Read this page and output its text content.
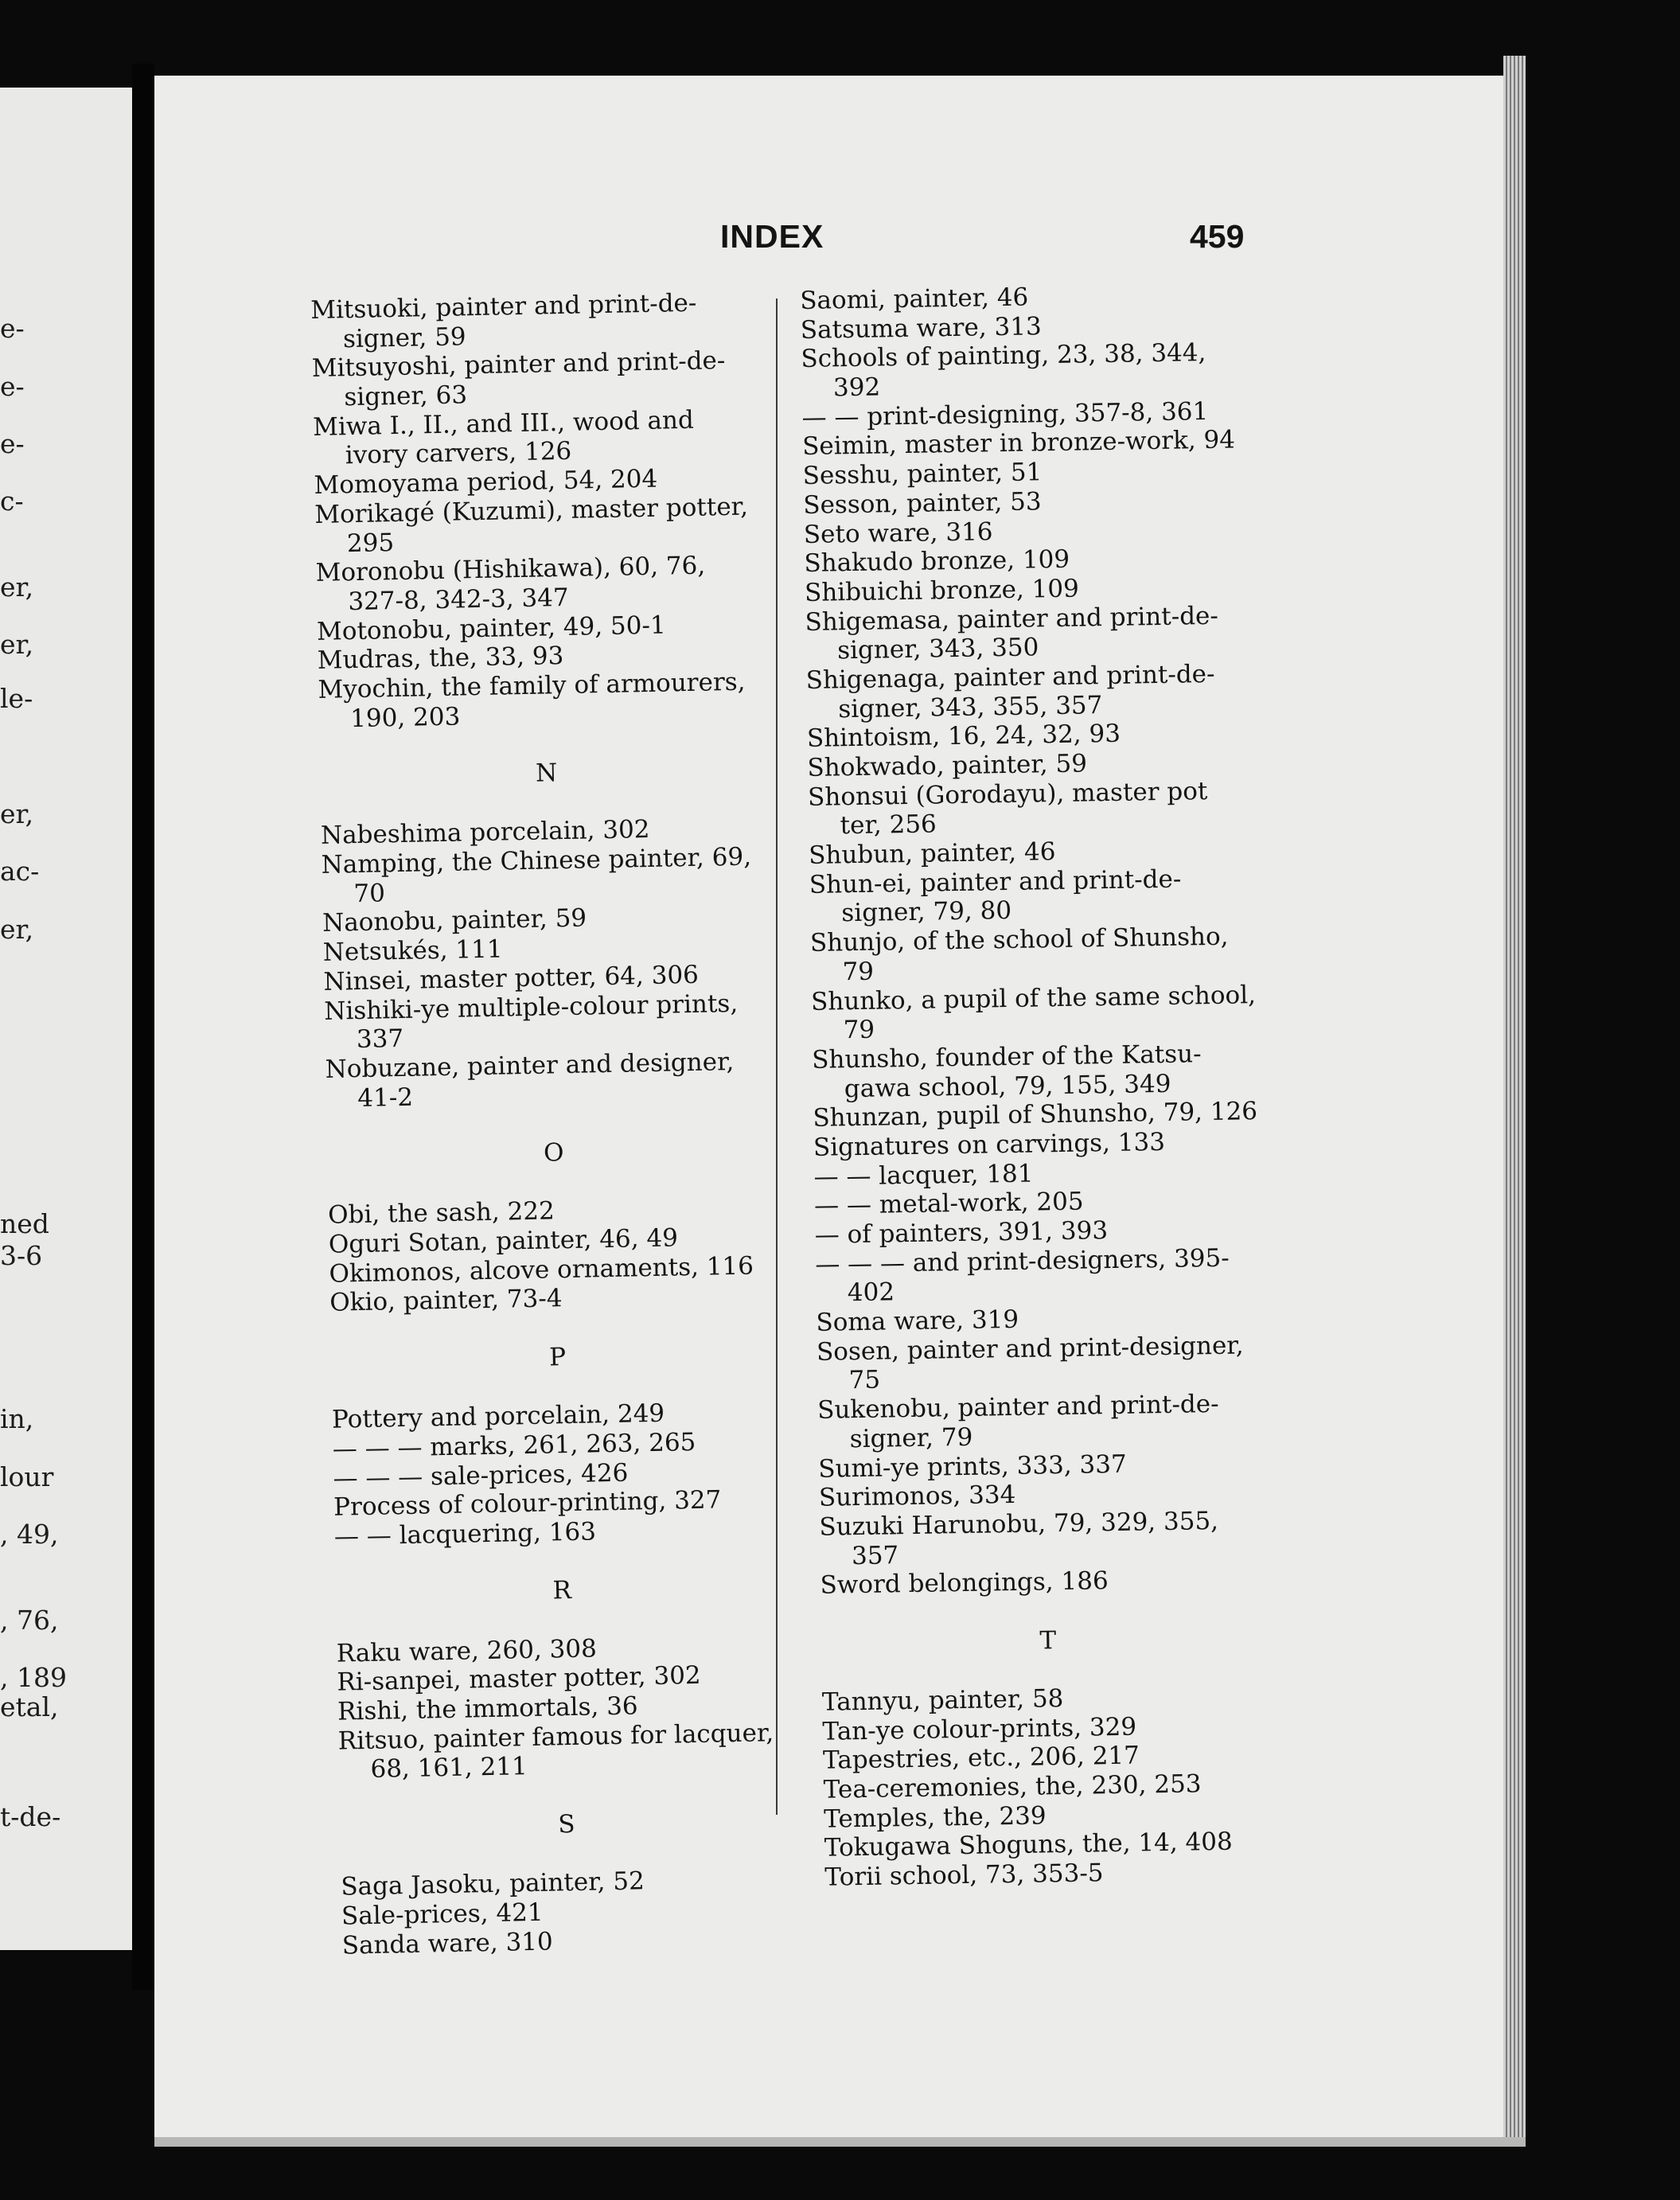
e-
e-
e-
c-
er,
er,
le-
er,
ac-
er,
ned
3-6
in,
lour
, 49,
, 76,
, 189
etal,
t-de-
INDEX	459
Mitsuoki, painter and print-de-
signer, 59
Mitsuyoshi, painter and print-de-
signer, 63
Miwa I., II., and III., wood and
ivory carvers, 126
Momoyama period, 54, 204
Morikagé (Kuzumi), master potter,
295
Moronobu (Hishikawa), 60, 76,
327-8, 342-3, 347
Motonobu, painter, 49, 50-1
Mudras, the, 33, 93
Myochin, the family of armourers,
190, 203
N
Nabeshima porcelain, 302
Namping, the Chinese painter, 69,
70
Naonobu, painter, 59
Netsukés, 111
Ninsei, master potter, 64, 306
Nishiki-ye multiple-colour prints,
337
Nobuzane, painter and designer,
41-2
O
Obi, the sash, 222
Oguri Sotan, painter, 46, 49
Okimonos, alcove ornaments, 116
Okio, painter, 73-4
P
Pottery and porcelain, 249
— — — marks, 261, 263, 265
— — — sale-prices, 426
Process of colour-printing, 327
— — lacquering, 163
R
Raku ware, 260, 308
Ri-sanpei, master potter, 302
Rishi, the immortals, 36
Ritsuo, painter famous for lacquer,
68, 161, 211
S
Saga Jasoku, painter, 52
Sale-prices, 421
Sanda ware, 310
Saomi, painter, 46
Satsuma ware, 313
Schools of painting, 23, 38, 344,
392
— — print-designing, 357-8, 361
Seimin, master in bronze-work, 94
Sesshu, painter, 51
Sesson, painter, 53
Seto ware, 316
Shakudo bronze, 109
Shibuichi bronze, 109
Shigemasa, painter and print-de-
signer, 343, 350
Shigenaga, painter and print-de-
signer, 343, 355, 357
Shintoism, 16, 24, 32, 93
Shokwado, painter, 59
Shonsui (Gorodayu), master pot
ter, 256
Shubun, painter, 46
Shun-ei, painter and print-de-
signer, 79, 80
Shunjo, of the school of Shunsho,
79
Shunko, a pupil of the same school,
79
Shunsho, founder of the Katsu-
gawa school, 79, 155, 349
Shunzan, pupil of Shunsho, 79, 126
Signatures on carvings, 133
— — lacquer, 181
— — metal-work, 205
— of painters, 391, 393
— — — and print-designers, 395-
402
Soma ware, 319
Sosen, painter and print-designer,
75
Sukenobu, painter and print-de-
signer, 79
Sumi-ye prints, 333, 337
Surimonos, 334
Suzuki Harunobu, 79, 329, 355,
357
Sword belongings, 186
T
Tannyu, painter, 58
Tan-ye colour-prints, 329
Tapestries, etc., 206, 217
Tea-ceremonies, the, 230, 253
Temples, the, 239
Tokugawa Shoguns, the, 14, 408
Torii school, 73, 353-5
